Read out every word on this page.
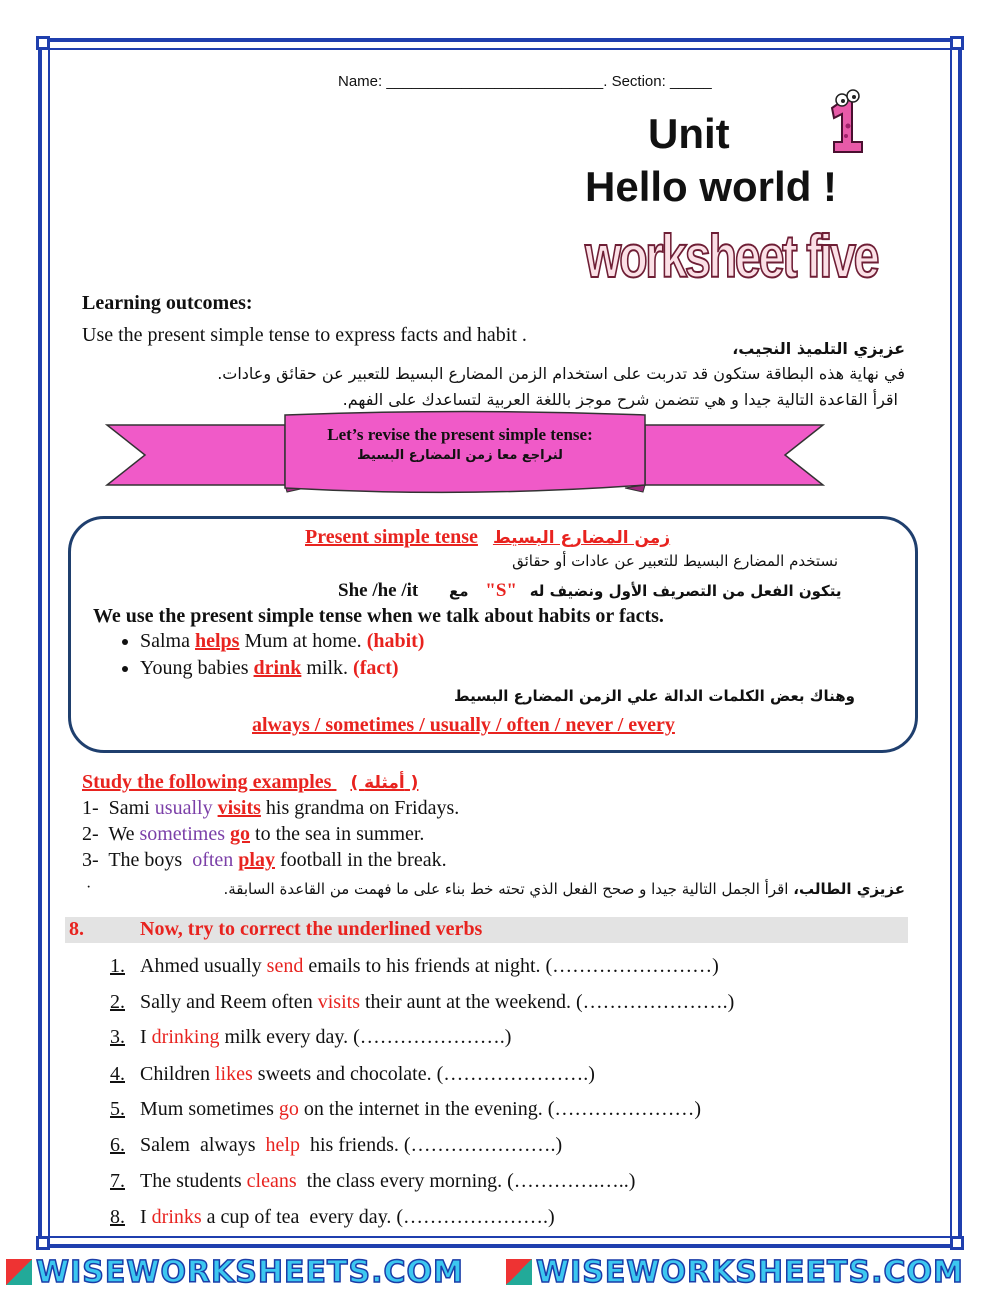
Name: __________________________. Section: _____
Unit
Hello world !
worksheet five
Learning outcomes:
Use the present simple tense to express facts and habit .
عزيزي التلميذ النجيب،
في نهاية هذه البطاقة ستكون قد تدربت على استخدام الزمن المضارع البسيط للتعبير عن حقائق وعادات.
اقرأ القاعدة التالية جيدا و هي تتضمن شرح موجز باللغة العربية لتساعدك على الفهم.
Let’s revise the present simple tense:
لنراجع معا زمن المضارع البسيط
Present simple tense زمن المضارع البسيط
نستخدم المضارع البسيط للتعبير عن عادات أو حقائق
She /he /it مع "S" يتكون الفعل من التصريف الأول ونضيف له
We use the present simple tense when we talk about habits or facts.
• Salma helps Mum at home. (habit)
• Young babies drink milk. (fact)
وهناك بعض الكلمات الدالة علي الزمن المضارع البسيط
always / sometimes / usually / often / never / every
Study the following examples ( أمثلة )
1- Sami usually visits his grandma on Fridays.
2- We sometimes go to the sea in summer.
3- The boys often play football in the break.
·	عزيزي الطالب، اقرأ الجمل التالية جيدا و صحح الفعل الذي تحته خط بناء على ما فهمت من القاعدة السابقة.
8.	Now, try to correct the underlined verbs
1. Ahmed usually send emails to his friends at night. (……………………)
2. Sally and Reem often visits their aunt at the weekend. (………………….)
3. I drinking milk every day. (………………….)
4. Children likes sweets and chocolate. (………………….)
5. Mum sometimes go on the internet in the evening. (…………………)
6. Salem  always  help  his friends. (………………….)
7. The students cleans  the class every morning. (………….…..)
8. I drinks a cup of tea  every day. (………………….)
WISEWORKSHEETS.COM WISEWORKSHEETS.COM
